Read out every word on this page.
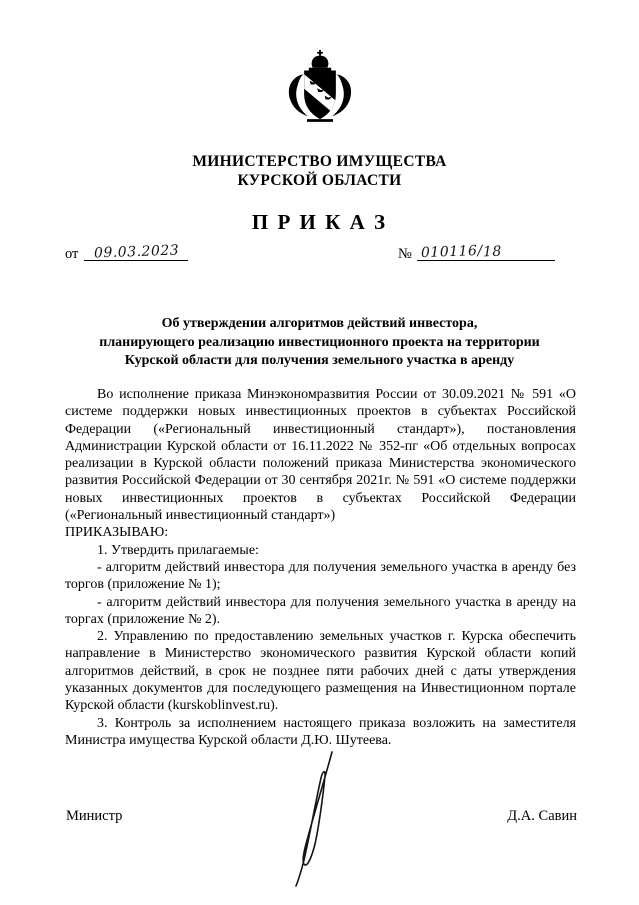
МИНИСТЕРСТВО ИМУЩЕСТВА
КУРСКОЙ ОБЛАСТИ
П Р И К А З
от 09.03.2023	№ 010116/ 18
Об утверждении алгоритмов действий инвестора,
планирующего реализацию инвестиционного проекта на территории
Курской области для получения земельного участка в аренду

Во исполнение приказа Минэкономразвития России от 30.09.2021 № 591 «О системе поддержки новых инвестиционных проектов в субъектах Российской Федерации («Региональный инвестиционный стандарт»), постановления Администрации Курской области от 16.11.2022 № 352-пг «Об отдельных вопросах реализации в Курской области положений приказа Министерства экономического развития Российской Федерации от 30 сентября 2021г. № 591 «О системе поддержки новых инвестиционных проектов в субъектах Российской Федерации («Региональный инвестиционный стандарт»)

ПРИКАЗЫВАЮ:

1. Утвердить прилагаемые:

- алгоритм действий инвестора для получения земельного участка в аренду без торгов (приложение № 1);

- алгоритм действий инвестора для получения земельного участка в аренду на торгах (приложение № 2).

2. Управлению по предоставлению земельных участков г. Курска обеспечить направление в Министерство экономического развития Курской области копий алгоритмов действий, в срок не позднее пяти рабочих дней с даты утверждения указанных документов для последующего размещения на Инвестиционном портале Курской области (kurskoblinvest.ru).

3. Контроль за исполнением настоящего приказа возложить на заместителя Министра имущества Курской области Д.Ю. Шутеева.

Министр	Д.А. Савин
